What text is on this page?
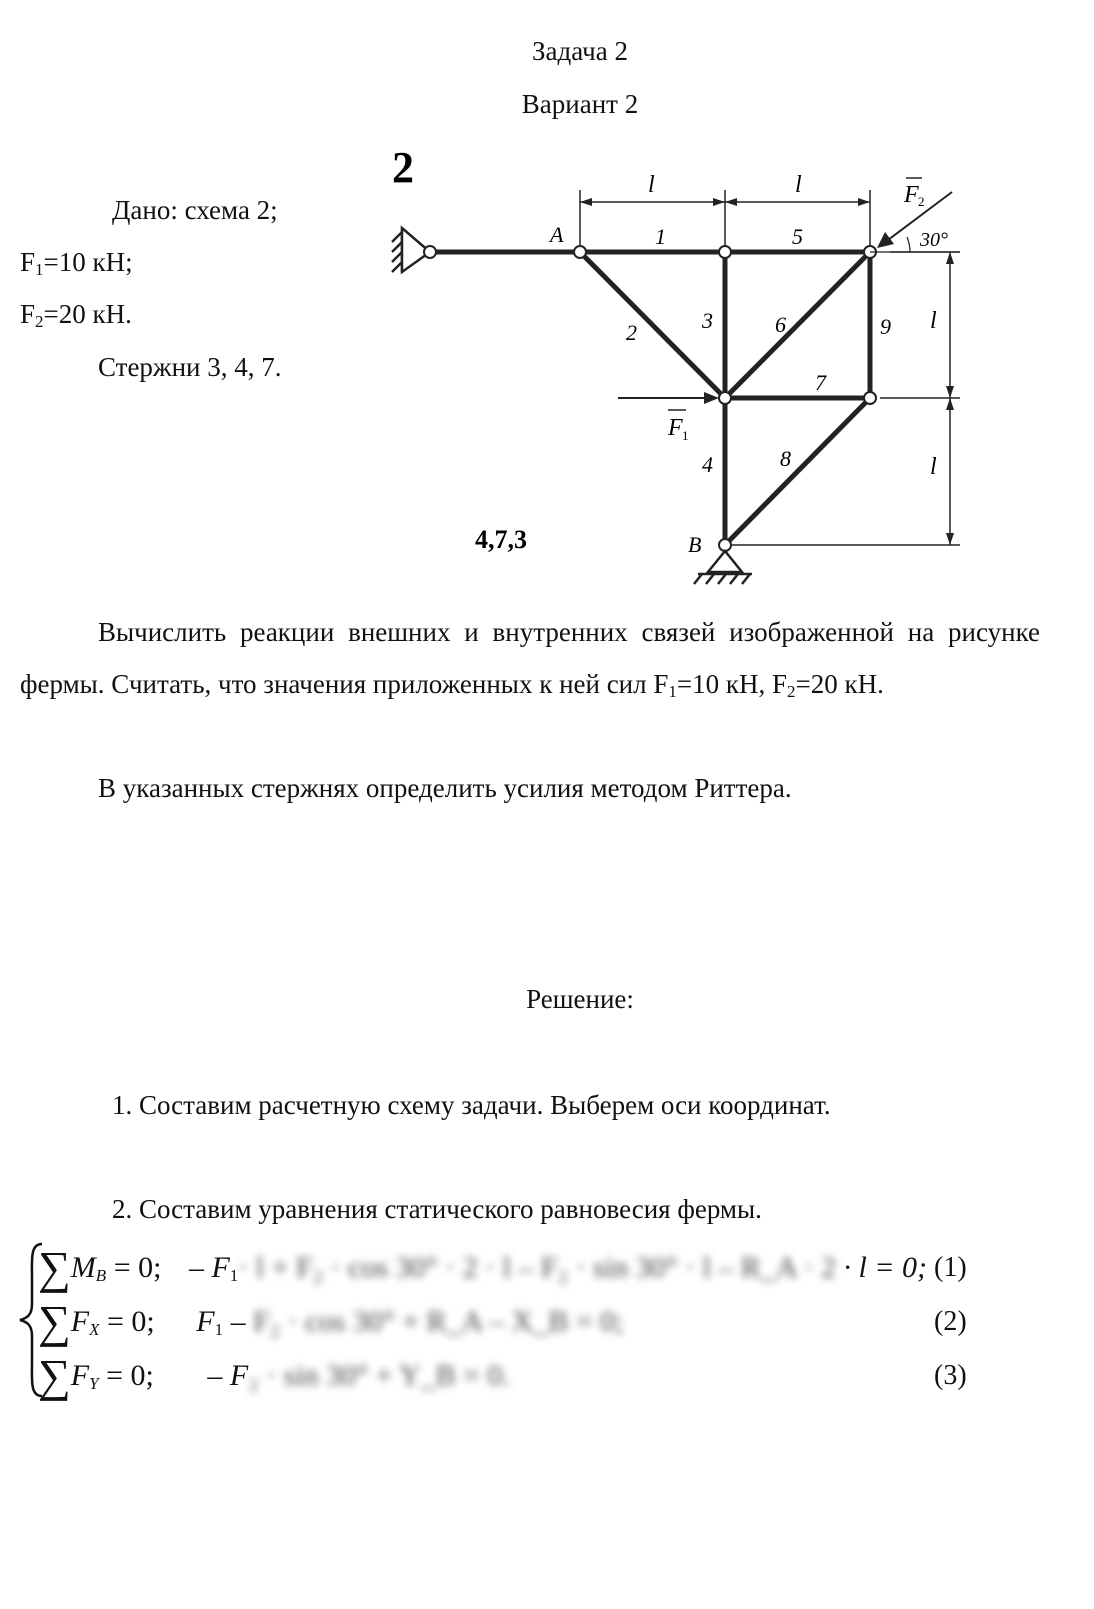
Задача 2
Вариант 2
Дано: схема 2;
$F_1=10$ кН;
$F_2=20$ кН.
Стержни 3, 4, 7.
2	l	l
l
l
A
B
1
2	3
4
5
6
7
8
9
F 1
F 2
30°
4,7,3
Вычислить реакции внешних и внутренних связей изображенной на рисунке фермы. Считать, что значения приложенных к ней сил $F_1=10$ кН, $F_2=20$ кН.
В указанных стержнях определить усилия методом Риттера.
Решение:
1. Составим расчетную схему задачи. Выберем оси координат.
2. Составим уравнения статического равновесия фермы.
$\sum M_B = 0$; – $F_1\cdot l + F_2 \cdot \cos 30^\circ \cdot 2 \cdot l - F_2 \cdot \sin 30^\circ \cdot l$ – R_A · 2 · l = 0; (1)
$\sum F_X = 0$; $F_1 - F_2 \cdot \cos 30^\circ$ + R_A – X_B = 0;	(2)
$\sum F_Y = 0$; – F₂ · sin 30° + Y_B = 0.	(3)
